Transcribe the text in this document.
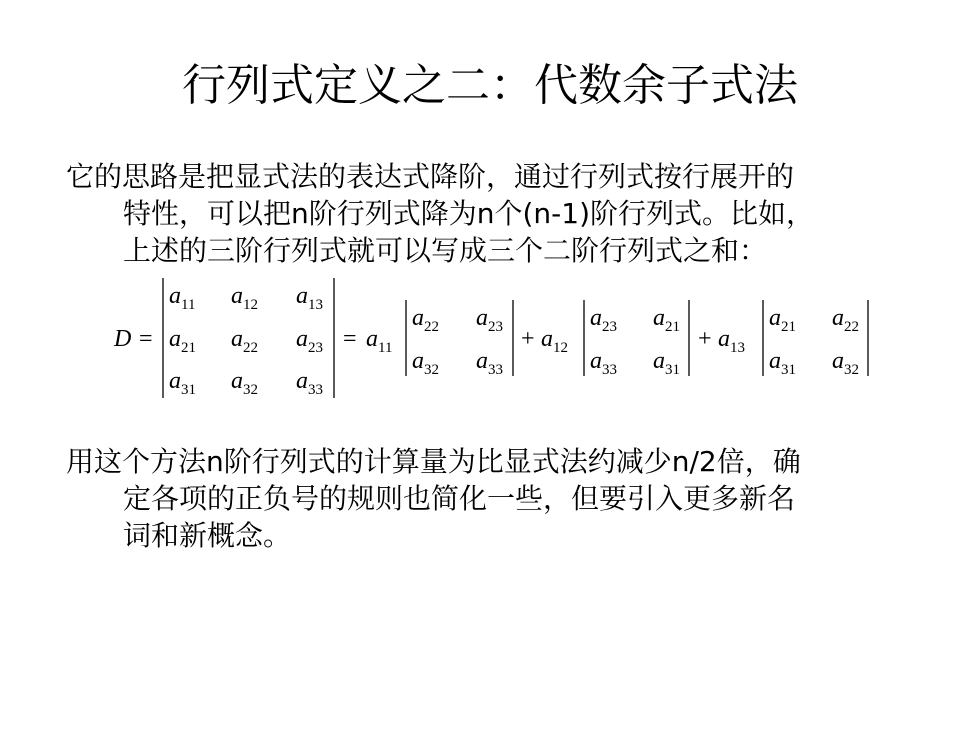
行列式定义之二：代数余子式法
它的思路是把显式法的表达式降阶，通过行列式按行展开的
特性，可以把n阶行列式降为n个(n-1)阶行列式。比如，
上述的三阶行列式就可以写成三个二阶行列式之和：
D =
a11 a12 a13
a21 a22 a23
a31 a32 a33
= a11
a22 a23
a32 a33
+ a12
a23 a21
a33 a31
+ a13
a21 a22
a31 a32
用这个方法n阶行列式的计算量为比显式法约减少n/2倍，确
定各项的正负号的规则也简化一些，但要引入更多新名
词和新概念。
